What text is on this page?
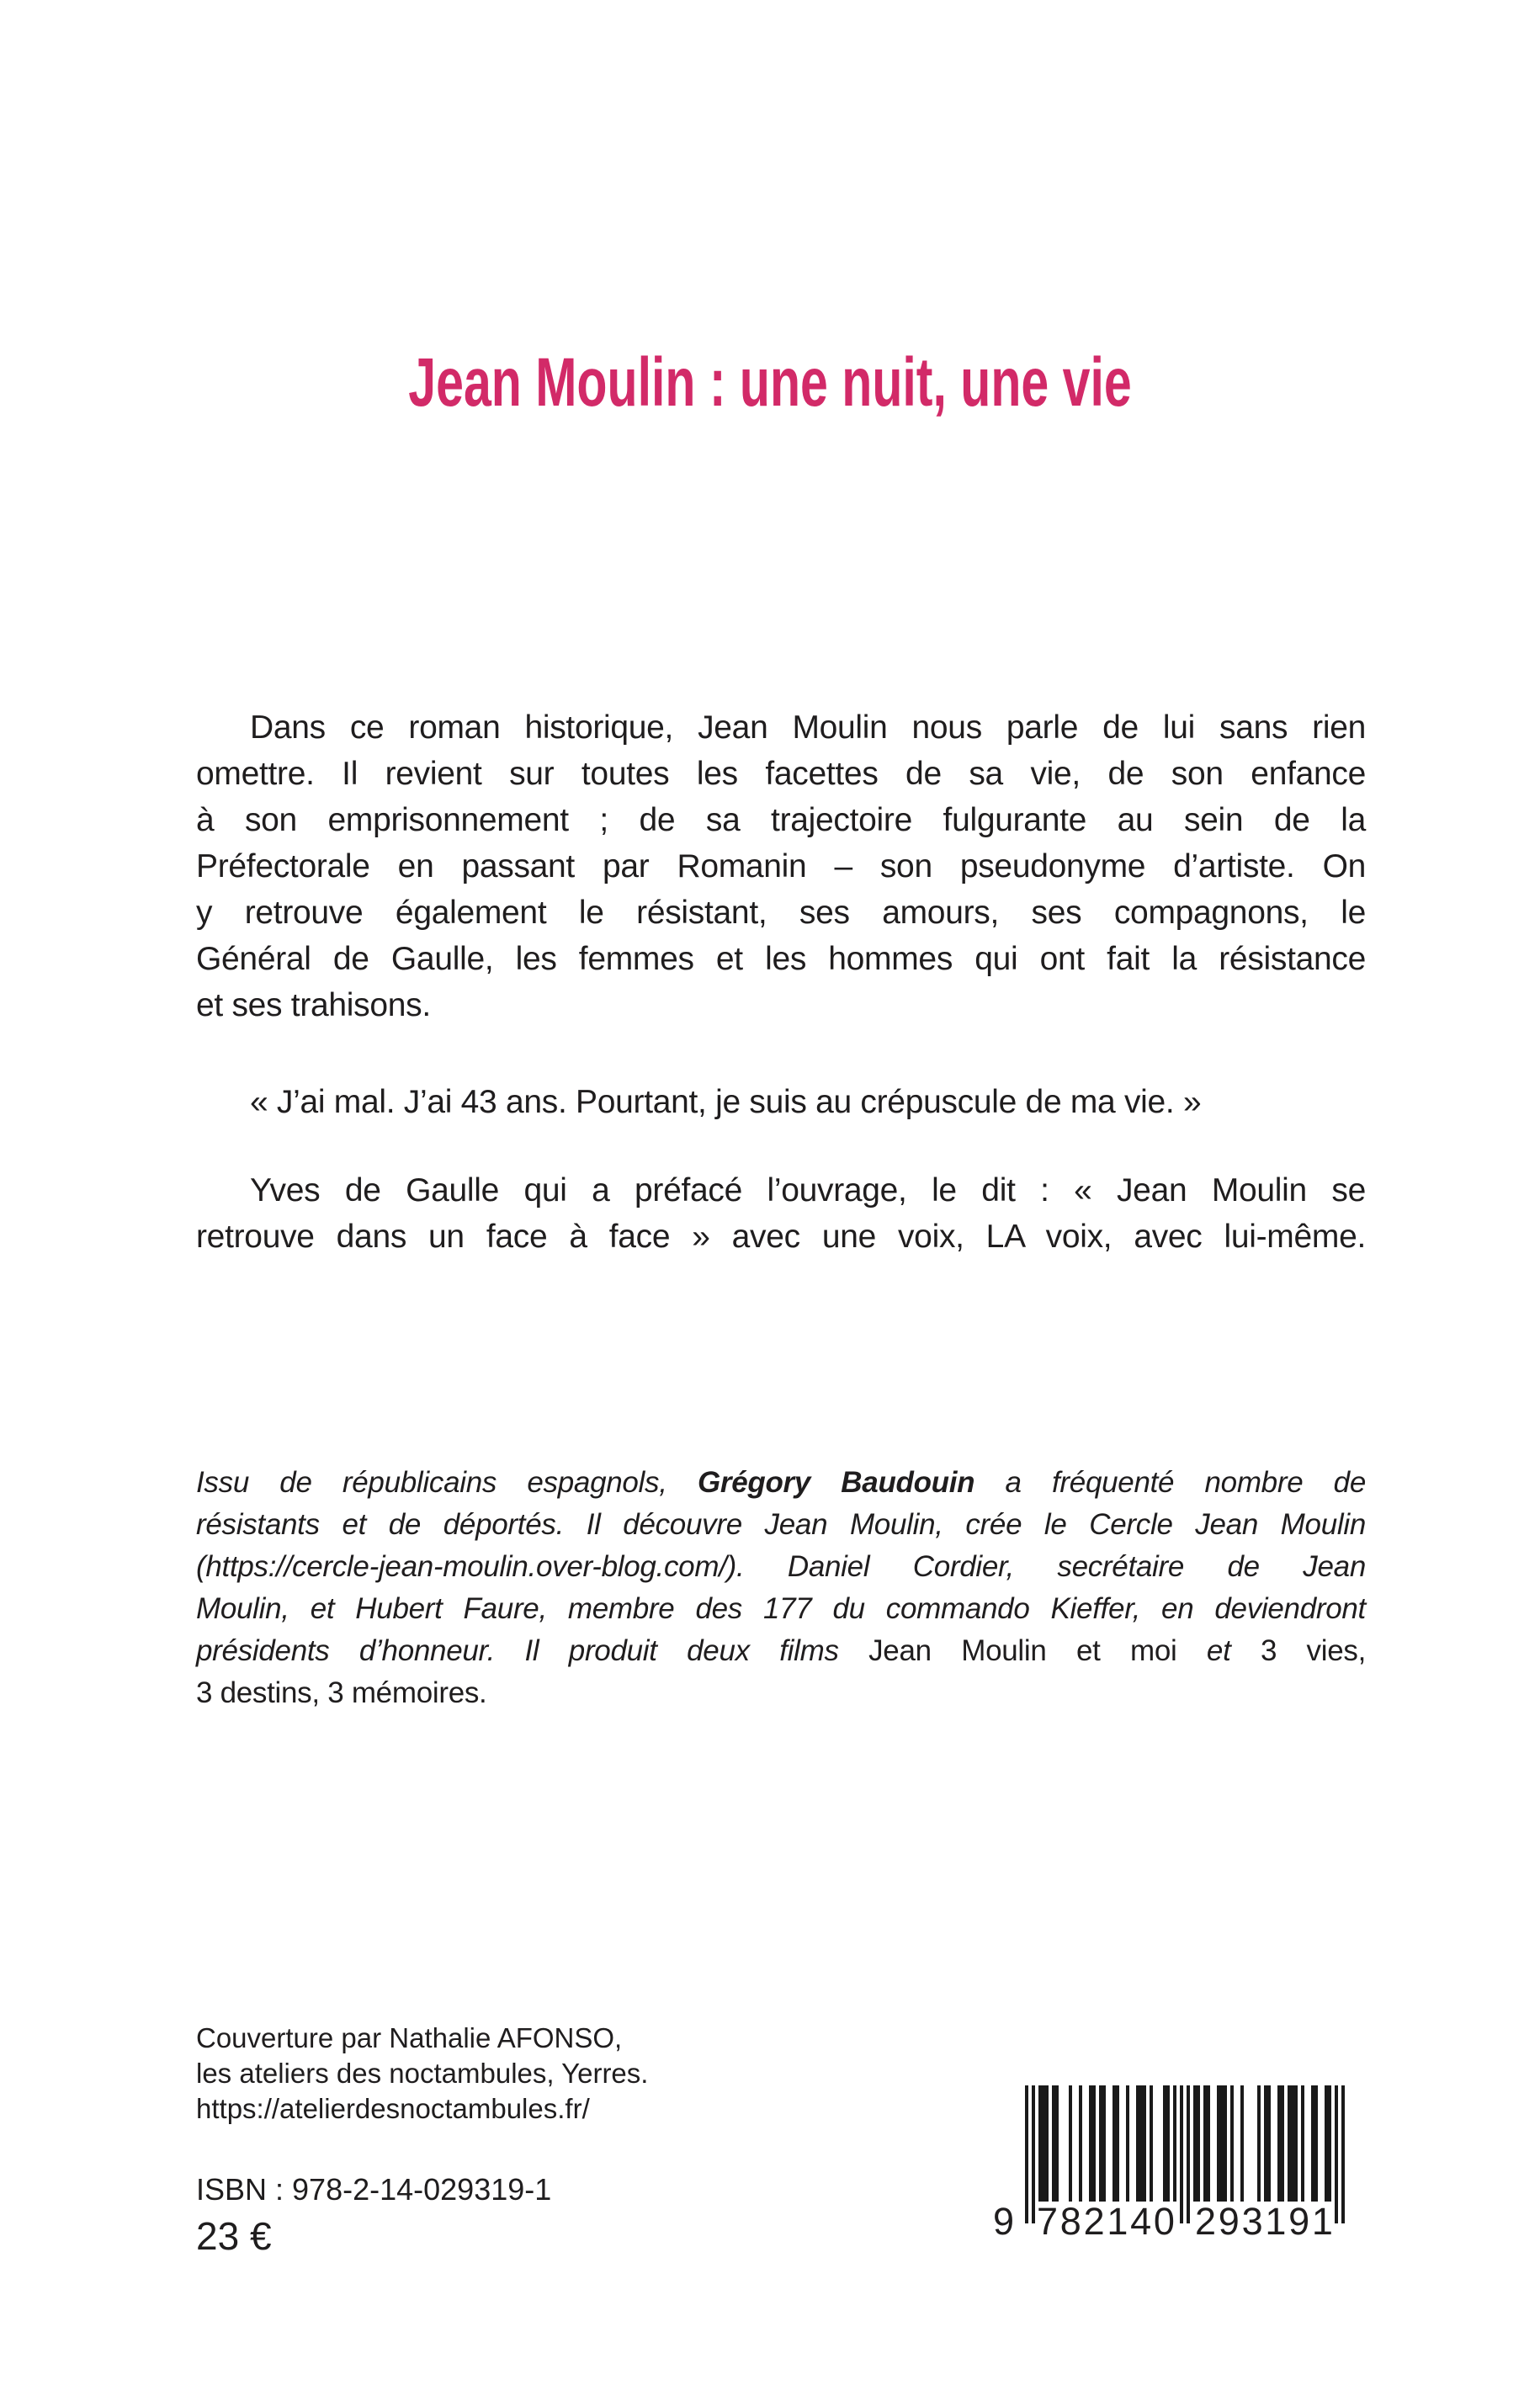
Jean Moulin : une nuit, une vie
Dans ce roman historique, Jean Moulin nous parle de lui sans rien
omettre. Il revient sur toutes les facettes de sa vie, de son enfance
à son emprisonnement ; de sa trajectoire fulgurante au sein de la
Préfectorale en passant par Romanin – son pseudonyme d’artiste. On
y retrouve également le résistant, ses amours, ses compagnons, le
Général de Gaulle, les femmes et les hommes qui ont fait la résistance
et ses trahisons.
« J’ai mal. J’ai 43 ans. Pourtant, je suis au crépuscule de ma vie. »
Yves de Gaulle qui a préfacé l’ouvrage, le dit : « Jean Moulin se
retrouve dans un face à face » avec une voix, LA voix, avec lui-même.
Issu de républicains espagnols, Grégory Baudouin a fréquenté nombre de
résistants et de déportés. Il découvre Jean Moulin, crée le Cercle Jean Moulin
(https://cercle-jean-moulin.over-blog.com/). Daniel Cordier, secrétaire de Jean
Moulin, et Hubert Faure, membre des 177 du commando Kieffer, en deviendront
présidents d’honneur. Il produit deux films Jean Moulin et moi et 3 vies,
3 destins, 3 mémoires.
Couverture par Nathalie AFONSO,
les ateliers des noctambules, Yerres.
https://atelierdesnoctambules.fr/
ISBN : 978-2-14-029319-1
23 €	9 7 8 2 1 4 0 2 9 3 1 9 1
